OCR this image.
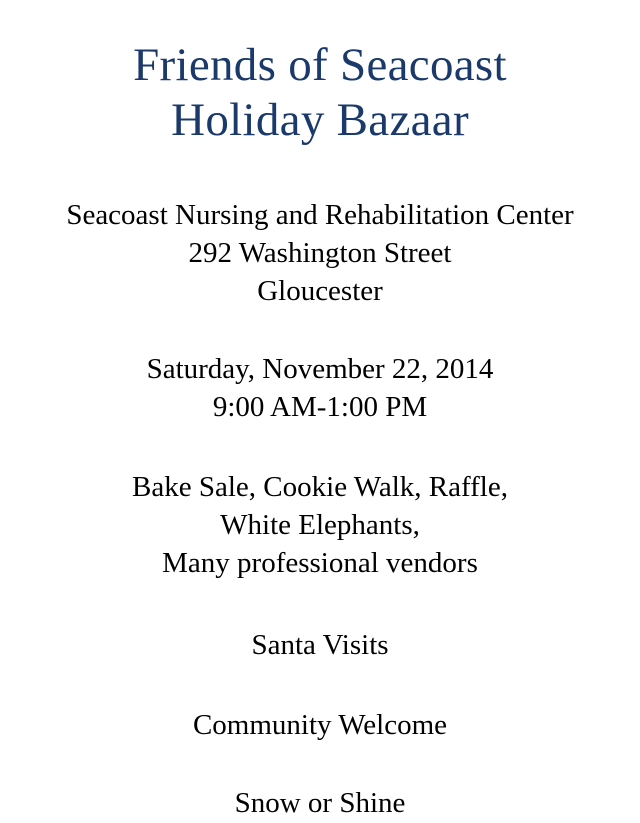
Friends of Seacoast
Holiday Bazaar
Seacoast Nursing and Rehabilitation Center
292 Washington Street
Gloucester
Saturday, November 22, 2014
9:00 AM-1:00 PM
Bake Sale, Cookie Walk, Raffle,
White Elephants,
Many professional vendors
Santa Visits
Community Welcome
Snow or Shine
